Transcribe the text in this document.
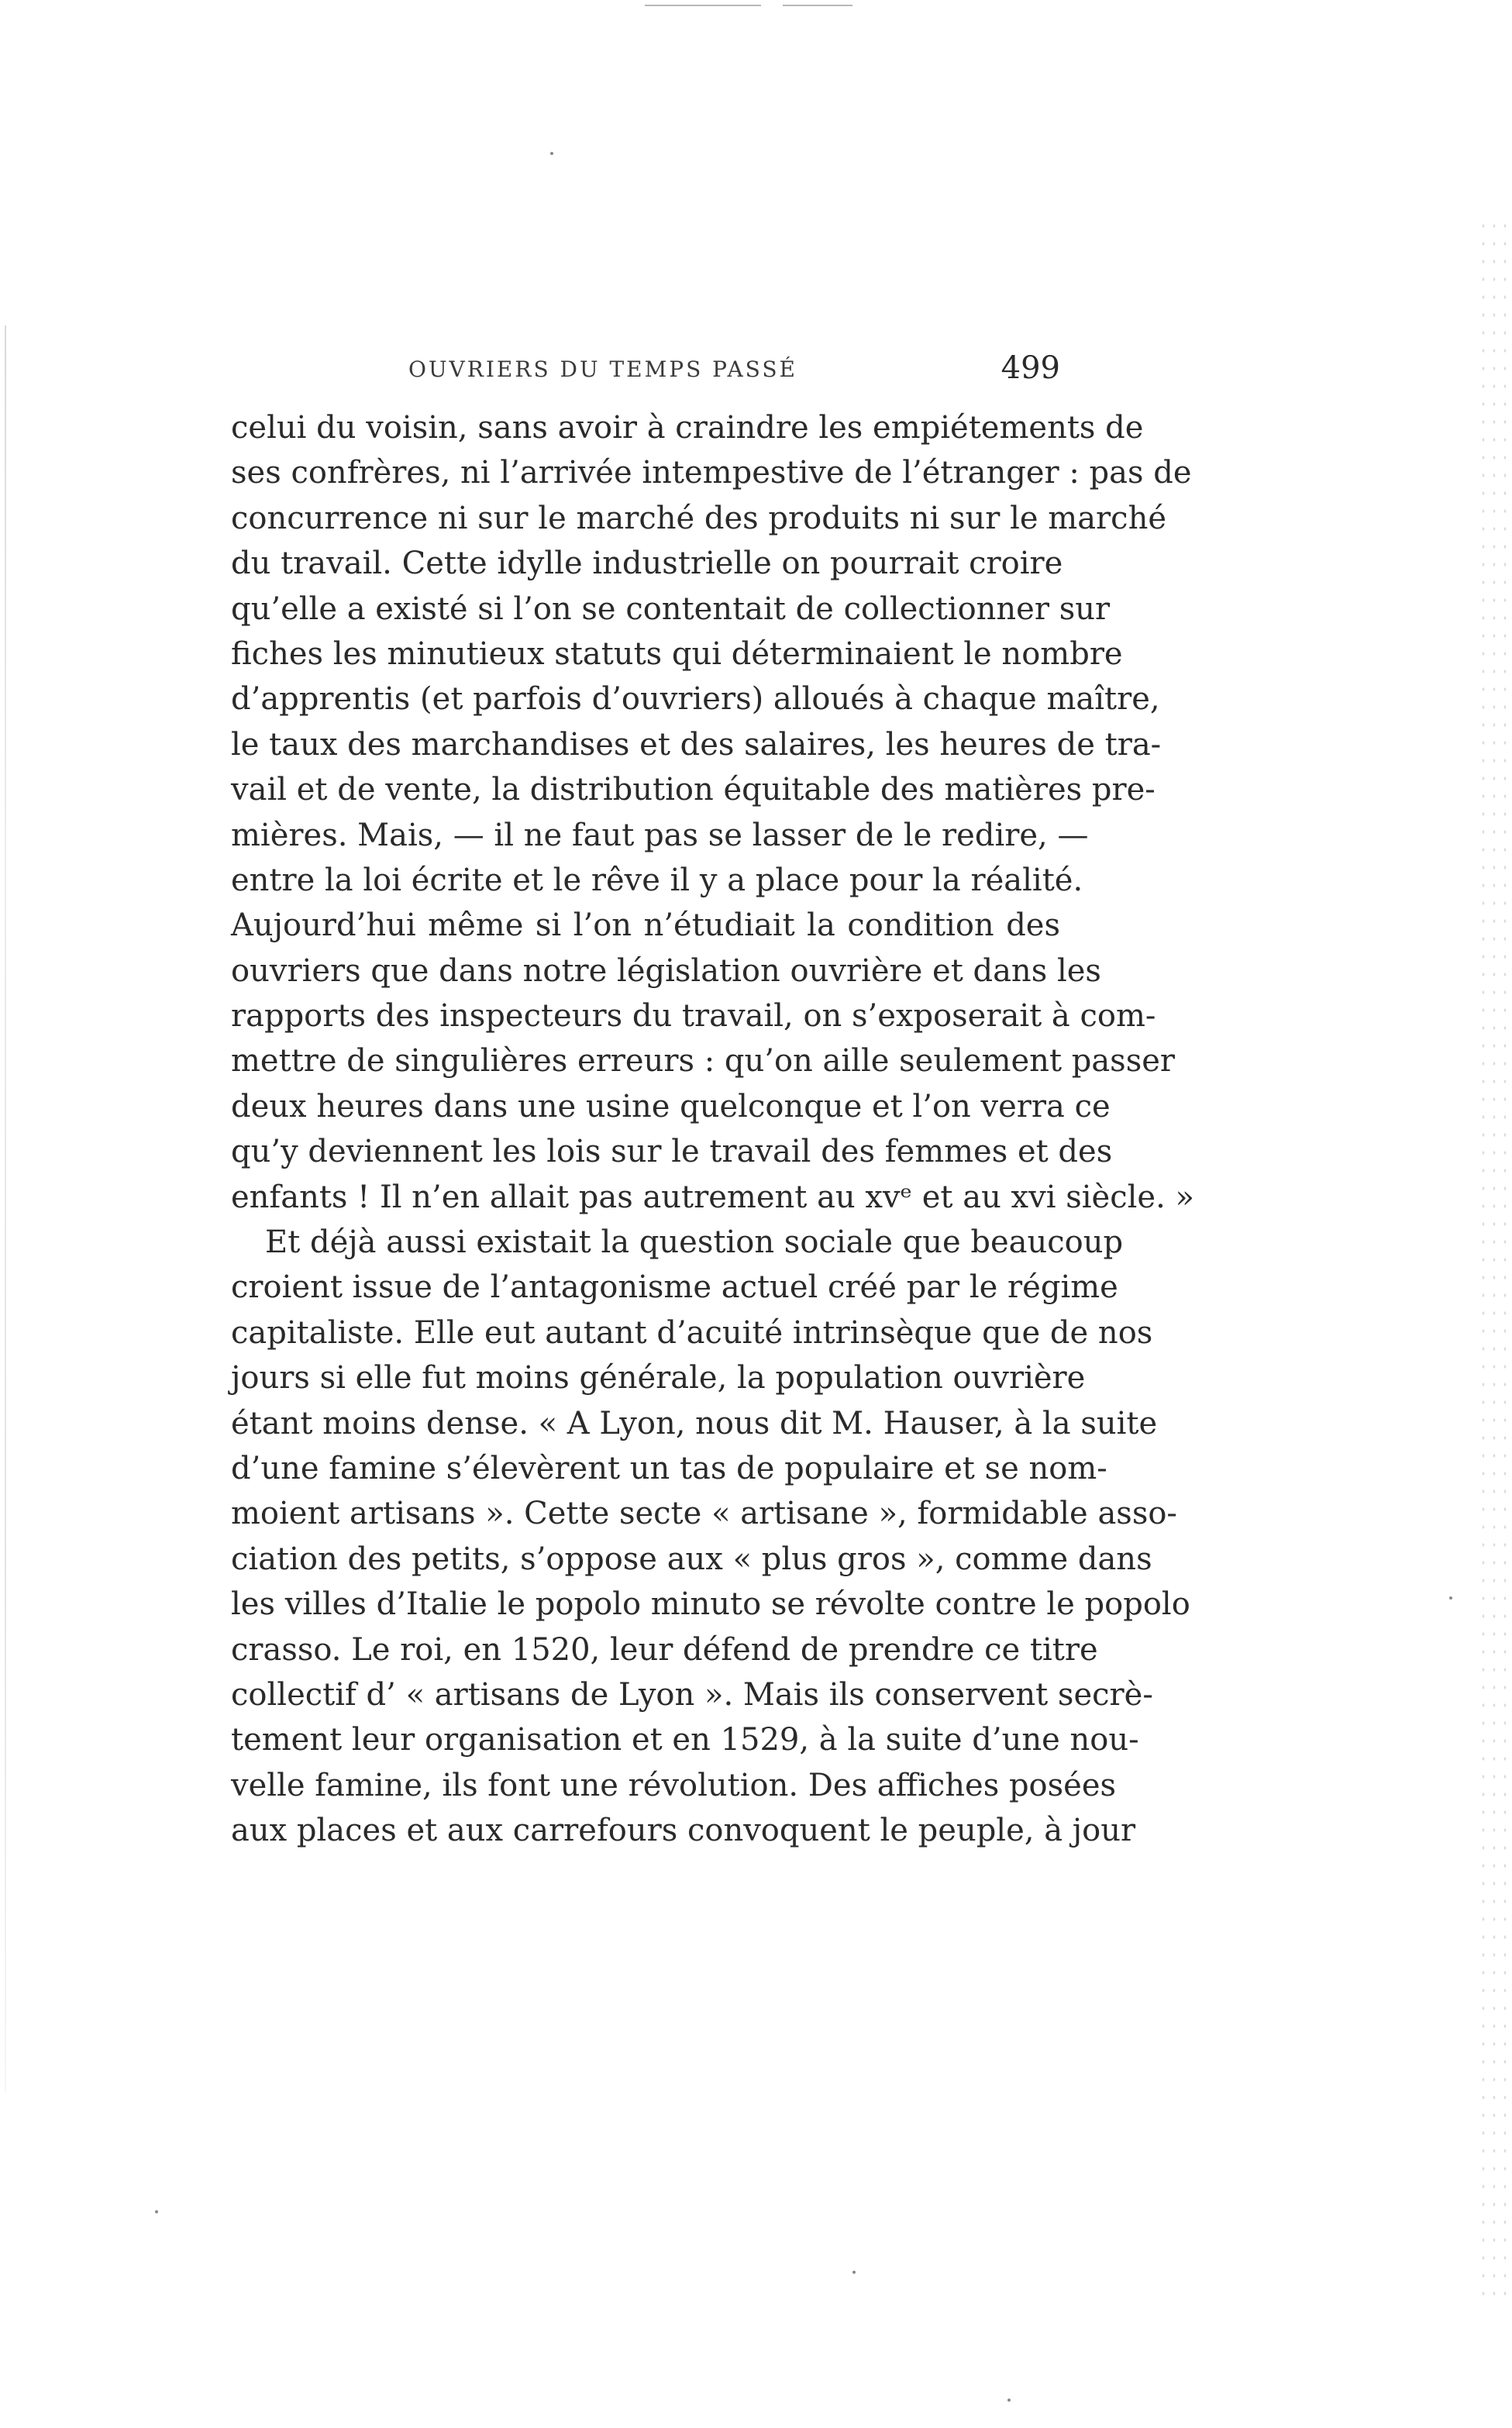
OUVRIERS DU TEMPS PASSÉ	499
celui du voisin, sans avoir à craindre les empiétements de
ses confrères, ni l’arrivée intempestive de l’étranger : pas de
concurrence ni sur le marché des produits ni sur le marché
du travail. Cette idylle industrielle on pourrait croire
qu’elle a existé si l’on se contentait de collectionner sur
fiches les minutieux statuts qui déterminaient le nombre
d’apprentis (et parfois d’ouvriers) alloués à chaque maître,
le taux des marchandises et des salaires, les heures de tra-
vail et de vente, la distribution équitable des matières pre-
mières. Mais, — il ne faut pas se lasser de le redire, —
entre la loi écrite et le rêve il y a place pour la réalité.
Aujourd’hui même si l’on n’étudiait la condition des
ouvriers que dans notre législation ouvrière et dans les
rapports des inspecteurs du travail, on s’exposerait à com-
mettre de singulières erreurs : qu’on aille seulement passer
deux heures dans une usine quelconque et l’on verra ce
qu’y deviennent les lois sur le travail des femmes et des
enfants ! Il n’en allait pas autrement au xvᵉ et au xvi siècle. »
Et déjà aussi existait la question sociale que beaucoup
croient issue de l’antagonisme actuel créé par le régime
capitaliste. Elle eut autant d’acuité intrinsèque que de nos
jours si elle fut moins générale, la population ouvrière
étant moins dense. « A Lyon, nous dit M. Hauser, à la suite
d’une famine s’élevèrent un tas de populaire et se nom-
moient artisans ». Cette secte « artisane », formidable asso-
ciation des petits, s’oppose aux « plus gros », comme dans
les villes d’Italie le popolo minuto se révolte contre le popolo
crasso. Le roi, en 1520, leur défend de prendre ce titre
collectif d’ « artisans de Lyon ». Mais ils conservent secrè-
tement leur organisation et en 1529, à la suite d’une nou-
velle famine, ils font une révolution. Des affiches posées
aux places et aux carrefours convoquent le peuple, à jour
